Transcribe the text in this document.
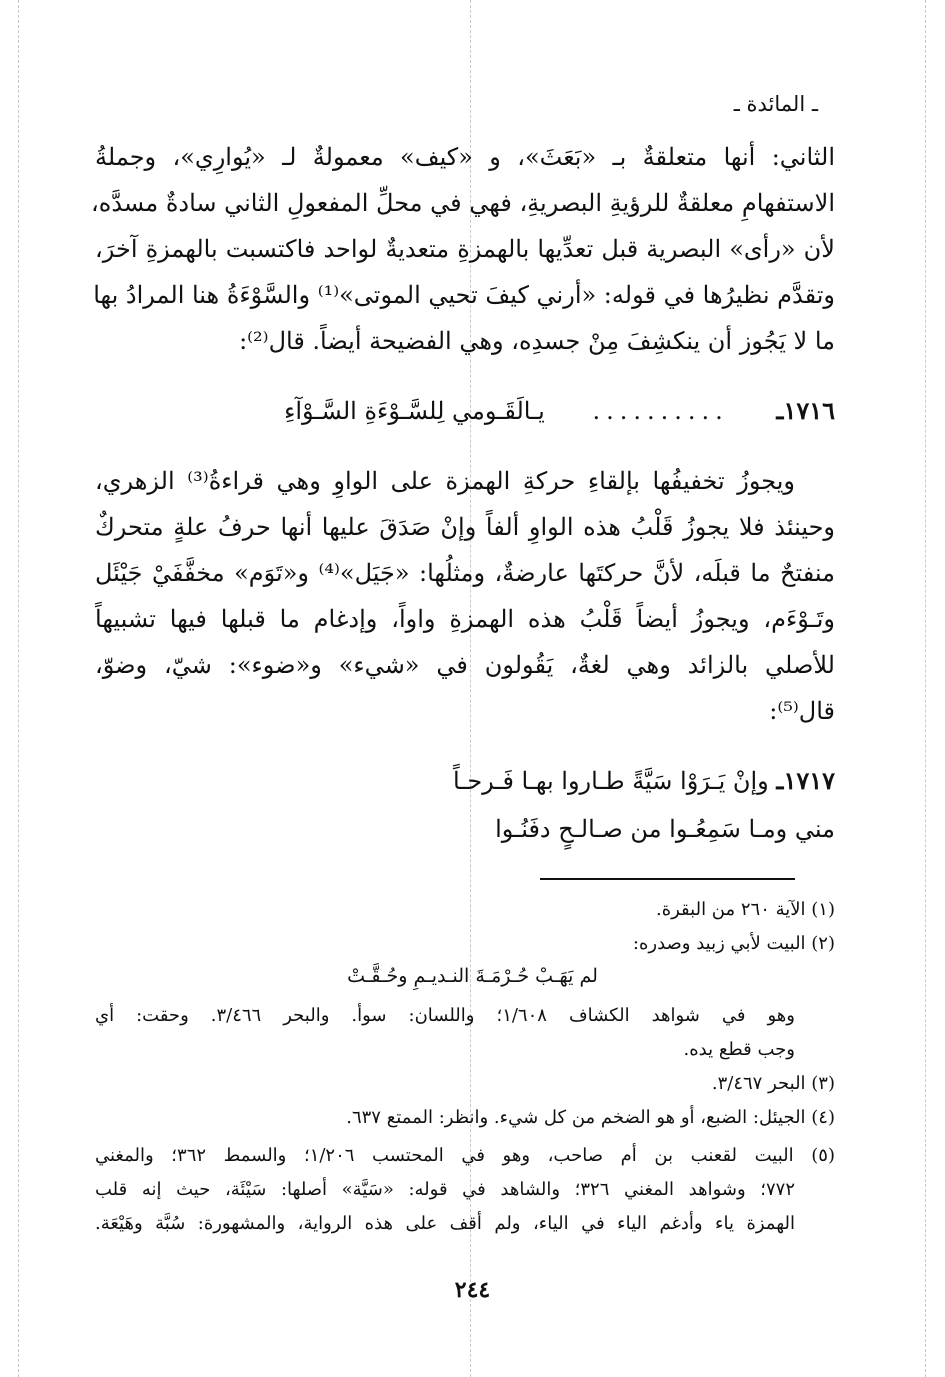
ـ المائدة ـ
الثاني: أنها متعلقةٌ بـ «بَعَثَ»، و «كيف» معمولةٌ لـ «يُوارِي»، وجملةُ
الاستفهامِ معلقةٌ للرؤيةِ البصريةِ، فهي في محلِّ المفعولِ الثاني سادةٌ مسدَّه،
لأن «رأى» البصرية قبل تعدِّيها بالهمزةِ متعديةٌ لواحد فاكتسبت بالهمزةِ آخرَ،
وتقدَّم نظيرُها في قوله: «أرني كيفَ تحيي الموتى»⁽¹⁾ والسَّوْءَةُ هنا المرادُ بها
ما لا يَجُوز أن ينكشِفَ مِنْ جسدِه، وهي الفضيحة أيضاً. قال⁽²⁾:
١٧١٦ـ .......... يـالَقَـومي لِلسَّـوْءَةِ السَّـوْآءِ
ويجوزُ تخفيفُها بإلقاءِ حركةِ الهمزة على الواوِ وهي قراءةُ⁽³⁾ الزهري،
وحينئذ فلا يجوزُ قَلْبُ هذه الواوِ ألفاً وإنْ صَدَقَ عليها أنها حرفُ علةٍ متحركٌ
منفتحٌ ما قبلَه، لأنَّ حركتَها عارضةٌ، ومثلُها: «جَيَل»⁽⁴⁾ و«تَوَم» مخفَّفَيْ جَيْئَل
وتَـوْءَم، ويجوزُ أيضاً قَلْبُ هذه الهمزةِ واواً، وإدغام ما قبلها فيها تشبيهاً
للأصلي بالزائد وهي لغةٌ، يَقُولون في «شيء» و«ضوء»: شيّ، وضوّ،
قال⁽⁵⁾:
١٧١٧ـ وإنْ يَـرَوْا سَيَّةً طـاروا بهـا فَـرحـاً
مني ومـا سَمِعُـوا من صـالـحٍ دفَنُـوا
(١) الآية ٢٦٠ من البقرة.
(٢) البيت لأبي زبيد وصدره:
لم يَهَـبْ حُـرْمَـةَ النـديـمِ وحُـقَّـتْ
وهو في شواهد الكشاف ١/٦٠٨؛ واللسان: سوأ. والبحر ٣/٤٦٦. وحقت: أي
وجب قطع يده.
(٣) البحر ٣/٤٦٧.
(٤) الجيئل: الضبع، أو هو الضخم من كل شيء. وانظر: الممتع ٦٣٧.
(٥) البيت لقعنب بن أم صاحب، وهو في المحتسب ١/٢٠٦؛ والسمط ٣٦٢؛ والمغني
٧٧٢؛ وشواهد المغني ٣٢٦؛ والشاهد في قوله: «سَيَّة» أصلها: سَيْئَة، حيث إنه قلب
الهمزة ياء وأدغم الياء في الياء، ولم أقف على هذه الرواية، والمشهورة: سُبَّة وهَيْعَة.
٢٤٤
